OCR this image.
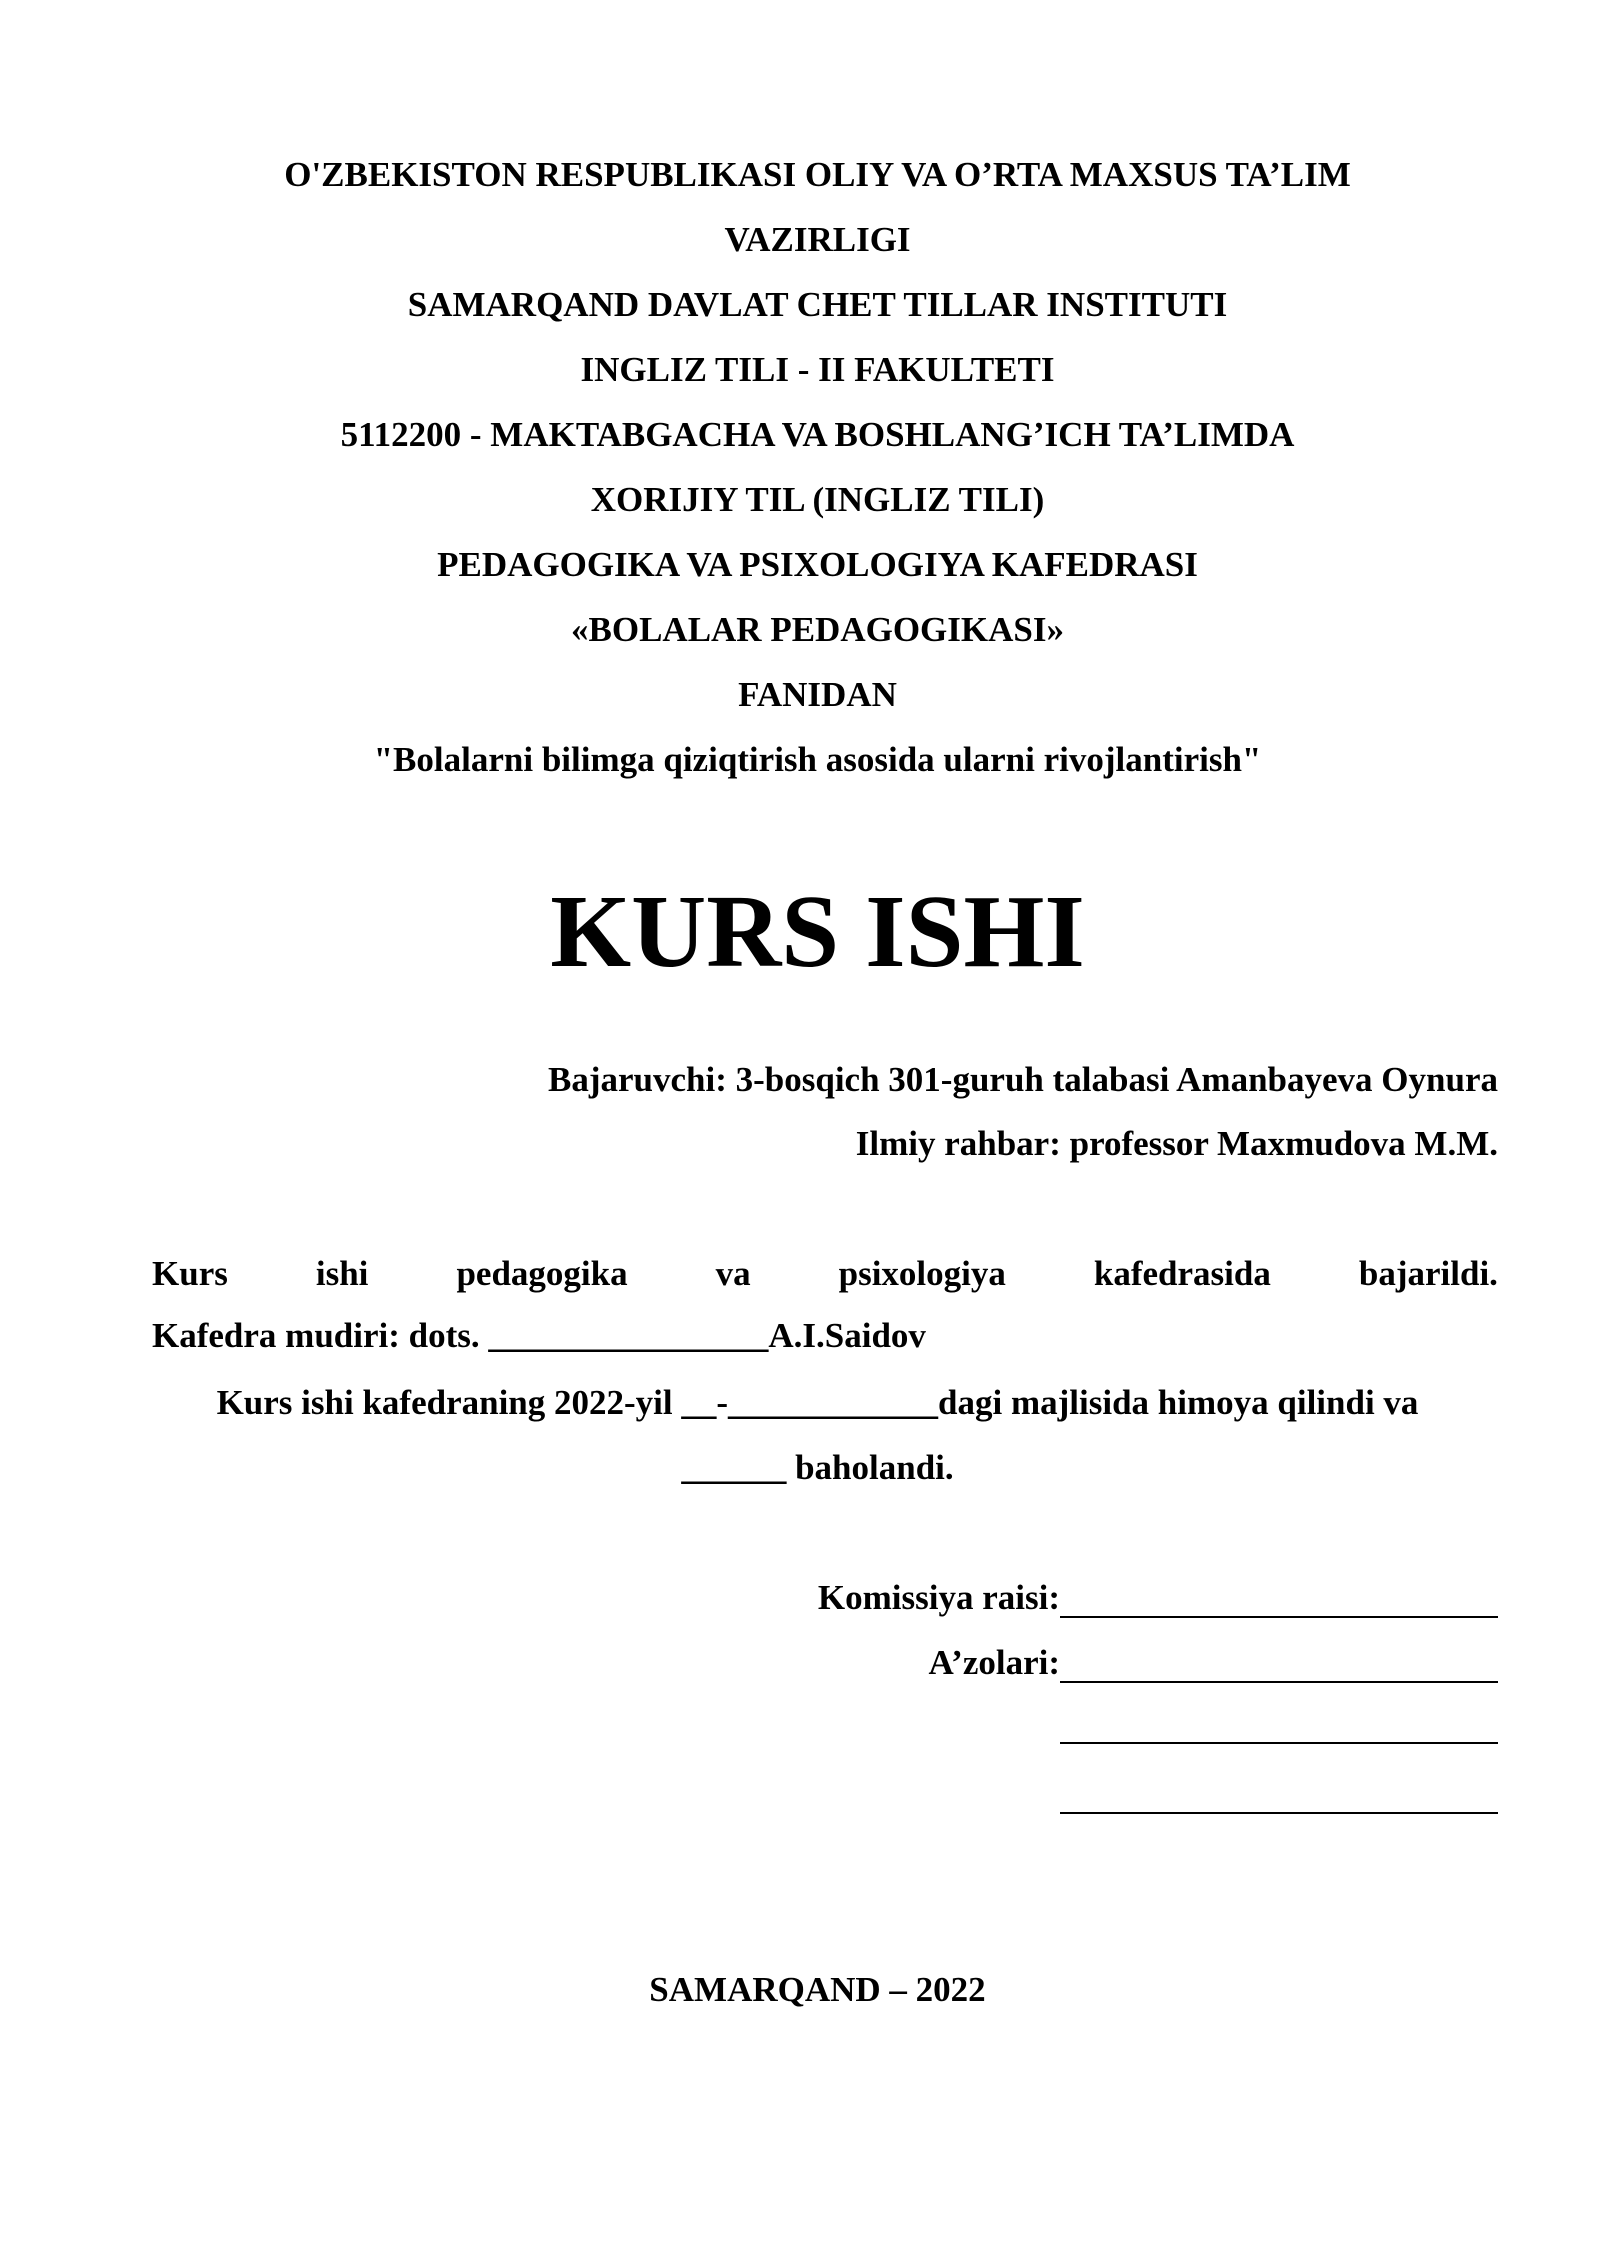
O'ZBEKISTON RESPUBLIKASI OLIY VA O’RTA MAXSUS TA’LIM
VAZIRLIGI
SAMARQAND DAVLAT CHET TILLAR INSTITUTI
INGLIZ TILI - II FAKULTETI
5112200 - MAKTABGACHA VA BOSHLANG’ICH TA’LIMDA
XORIJIY TIL (INGLIZ TILI)
PEDAGOGIKA VA PSIXOLOGIYA KAFEDRASI
«BOLALAR PEDAGOGIKASI»
FANIDAN
"Bolalarni bilimga qiziqtirish asosida ularni rivojlantirish"
KURS ISHI
Bajaruvchi: 3-bosqich 301-guruh talabasi Amanbayeva Oynura
Ilmiy rahbar: professor Maxmudova M.M.
Kurs	ishi	pedagogika	va	psixologiya	kafedrasida	bajarildi.
Kafedra mudiri: dots. ________________A.I.Saidov
Kurs ishi kafedraning 2022-yil __-____________dagi majlisida himoya qilindi va
______ baholandi.
Komissiya raisi:
A’zolari:
SAMARQAND – 2022
